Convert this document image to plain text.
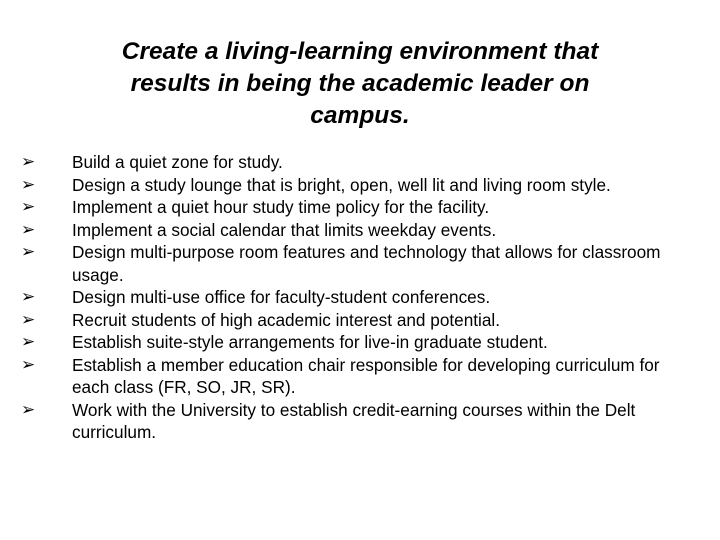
Create a living-learning environment that
results in being the academic leader on
campus.
➢	Build a quiet zone for study.
➢	Design a study lounge that is bright, open, well lit and living room style.
➢	Implement a quiet hour study time policy for the facility.
➢	Implement a social calendar that limits weekday events.
➢	Design multi-purpose room features and technology that allows for classroom usage.
➢	Design multi-use office for faculty-student conferences.
➢	Recruit students of high academic interest and potential.
➢	Establish suite-style arrangements for live-in graduate student.
➢	Establish a member education chair responsible for developing curriculum for each class (FR, SO, JR, SR).
➢	Work with the University to establish credit-earning courses within the Delt curriculum.
